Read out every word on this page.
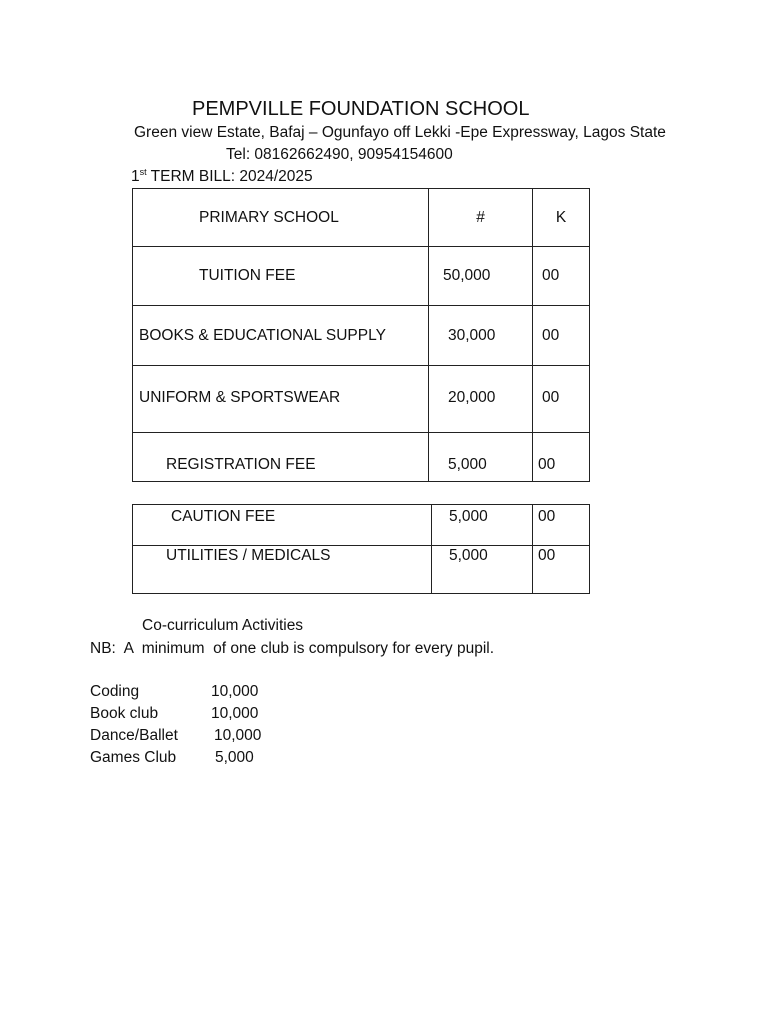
PEMPVILLE FOUNDATION SCHOOL
Green view Estate, Bafaj – Ogunfayo off Lekki -Epe Expressway, Lagos State
Tel: 08162662490, 90954154600
1st TERM BILL: 2024/2025
PRIMARY SCHOOL	#	K
TUITION FEE	50,000	00
BOOKS & EDUCATIONAL SUPPLY	30,000	00
UNIFORM & SPORTSWEAR	20,000	00
REGISTRATION FEE	5,000	00
CAUTION FEE	5,000	00
UTILITIES / MEDICALS	5,000	00
Co-curriculum Activities
NB:  A  minimum  of one club is compulsory for every pupil.
Coding	10,000
Book club	10,000
Dance/Ballet 10,000
Games Club	5,000
